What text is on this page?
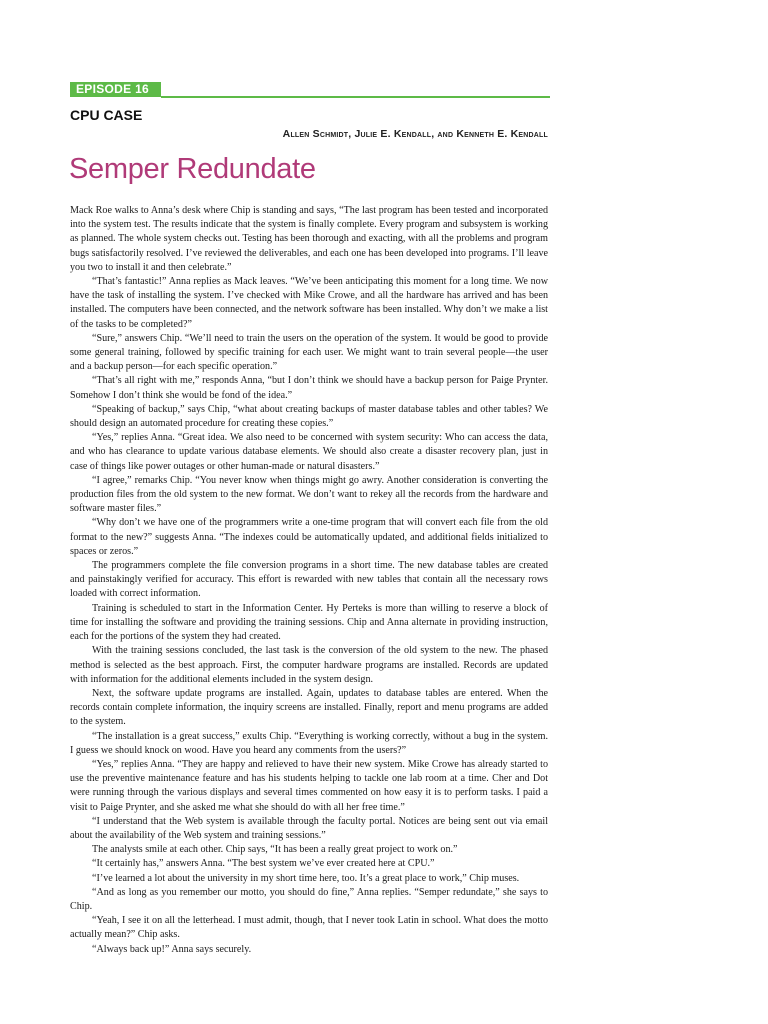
EPISODE 16
CPU CASE
Allen Schmidt, Julie E. Kendall, and Kenneth E. Kendall
Semper Redundate

Mack Roe walks to Anna’s desk where Chip is standing and says, “The last program has been tested and incorporated into the system test. The results indicate that the system is finally complete. Every program and subsystem is working as planned. The whole system checks out. Testing has been thorough and exacting, with all the problems and program bugs satisfactorily resolved. I’ve reviewed the deliverables, and each one has been developed into programs. I’ll leave you two to install it and then celebrate.”

“That’s fantastic!” Anna replies as Mack leaves. “We’ve been anticipating this moment for a long time. We now have the task of installing the system. I’ve checked with Mike Crowe, and all the hardware has arrived and has been installed. The computers have been connected, and the network software has been installed. Why don’t we make a list of the tasks to be completed?”

“Sure,” answers Chip. “We’ll need to train the users on the operation of the system. It would be good to provide some general training, followed by specific training for each user. We might want to train several people—the user and a backup person—for each specific operation.”

“That’s all right with me,” responds Anna, “but I don’t think we should have a backup person for Paige Prynter. Somehow I don’t think she would be fond of the idea.”

“Speaking of backup,” says Chip, “what about creating backups of master database tables and other tables? We should design an automated procedure for creating these copies.”

“Yes,” replies Anna. “Great idea. We also need to be concerned with system security: Who can access the data, and who has clearance to update various database elements. We should also create a disaster recovery plan, just in case of things like power outages or other human-made or natural disasters.”

“I agree,” remarks Chip. “You never know when things might go awry. Another consideration is converting the production files from the old system to the new format. We don’t want to rekey all the records from the hardware and software master files.”

“Why don’t we have one of the programmers write a one-time program that will convert each file from the old format to the new?” suggests Anna. “The indexes could be automatically updated, and additional fields initialized to spaces or zeros.”

The programmers complete the file conversion programs in a short time. The new database tables are created and painstakingly verified for accuracy. This effort is rewarded with new tables that contain all the necessary rows loaded with correct information.

Training is scheduled to start in the Information Center. Hy Perteks is more than willing to reserve a block of time for installing the software and providing the training sessions. Chip and Anna alternate in providing instruction, each for the portions of the system they had created.

With the training sessions concluded, the last task is the conversion of the old system to the new. The phased method is selected as the best approach. First, the computer hardware programs are installed. Records are updated with information for the additional elements included in the system design.

Next, the software update programs are installed. Again, updates to database tables are entered. When the records contain complete information, the inquiry screens are installed. Finally, report and menu programs are added to the system.

“The installation is a great success,” exults Chip. “Everything is working correctly, without a bug in the system. I guess we should knock on wood. Have you heard any comments from the users?”

“Yes,” replies Anna. “They are happy and relieved to have their new system. Mike Crowe has already started to use the preventive maintenance feature and has his students helping to tackle one lab room at a time. Cher and Dot were running through the various displays and several times commented on how easy it is to perform tasks. I paid a visit to Paige Prynter, and she asked me what she should do with all her free time.”

“I understand that the Web system is available through the faculty portal. Notices are being sent out via email about the availability of the Web system and training sessions.”

The analysts smile at each other. Chip says, “It has been a really great project to work on.”

“It certainly has,” answers Anna. “The best system we’ve ever created here at CPU.”

“I’ve learned a lot about the university in my short time here, too. It’s a great place to work,” Chip muses.

“And as long as you remember our motto, you should do fine,” Anna replies. “Semper redundate,” she says to Chip.

“Yeah, I see it on all the letterhead. I must admit, though, that I never took Latin in school. What does the motto actually mean?” Chip asks.

“Always back up!” Anna says securely.
